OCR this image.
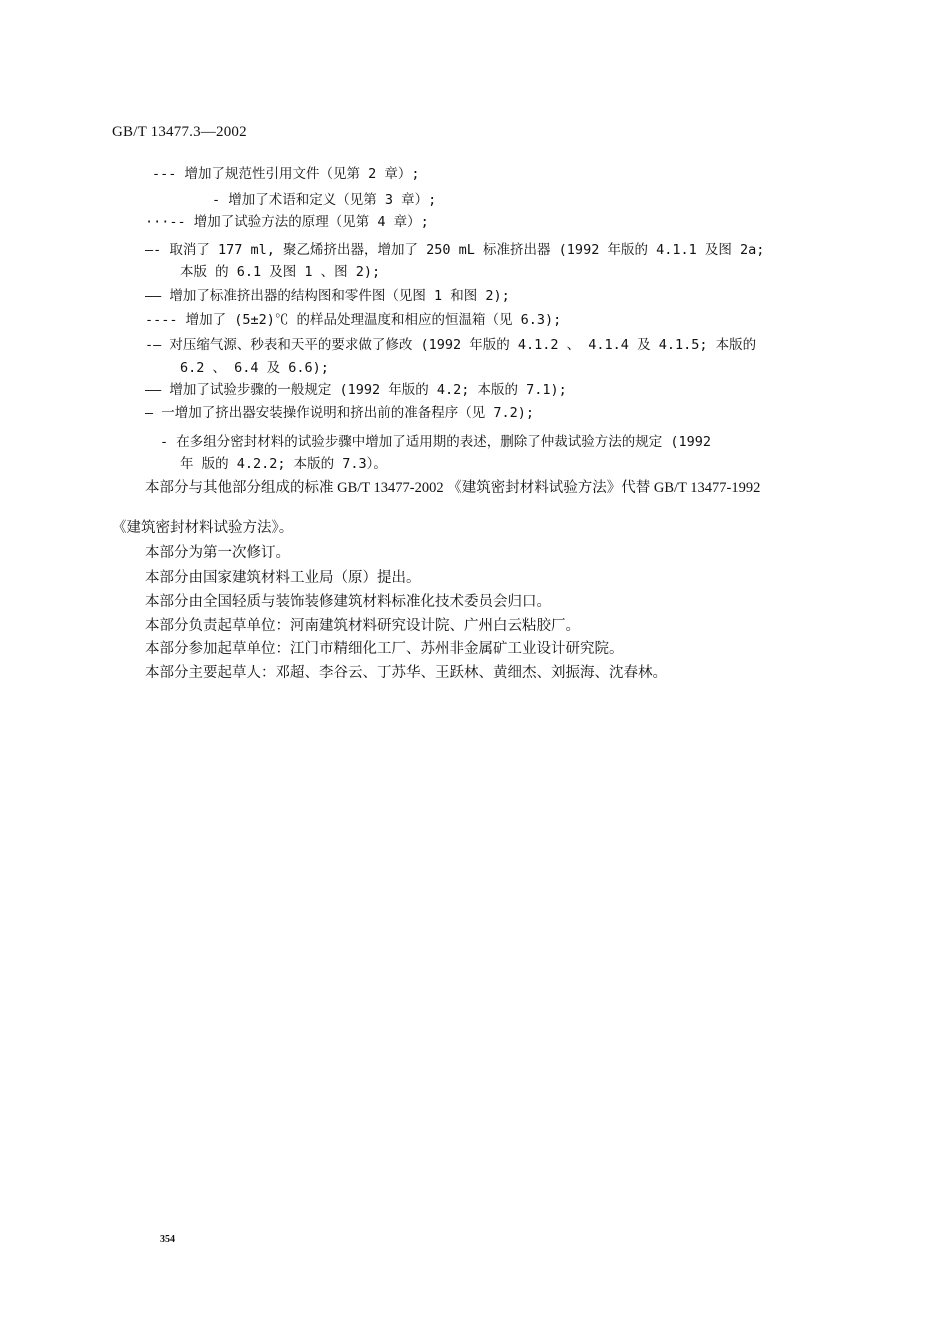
GB/T 13477.3—2002
--- 增加了规范性引用文件（见第 2 章）;
- 增加了术语和定义（见第 3 章）;
···-- 增加了试验方法的原理（见第 4 章）;
—- 取消了 177 ml, 聚乙烯挤出器，增加了 250 mL 标准挤出器 (1992 年版的 4.1.1 及图 2a;
本版 的 6.1 及图 1 、图 2);
—— 增加了标准挤出器的结构图和零件图（见图 1 和图 2);
---- 增加了 (5±2)℃ 的样品处理温度和相应的恒温箱（见 6.3);
-— 对压缩气源、秒表和天平的要求做了修改 (1992 年版的 4.1.2 、 4.1.4 及 4.1.5; 本版的
6.2 、 6.4 及 6.6);
—— 增加了试验步骤的一般规定 (1992 年版的 4.2; 本版的 7.1);
— 一增加了挤出器安装操作说明和挤出前的准备程序（见 7.2);
- 在多组分密封材料的试验步骤中增加了适用期的表述，删除了仲裁试验方法的规定 (1992
年 版的 4.2.2; 本版的 7.3）。
本部分与其他部分组成的标准 GB/T 13477-2002 《建筑密封材料试验方法》代替 GB/T 13477-1992
《建筑密封材料试验方法》。
本部分为第一次修订。
本部分由国家建筑材料工业局（原）提出。
本部分由全国轻质与装饰装修建筑材料标准化技术委员会归口。
本部分负责起草单位：河南建筑材料研究设计院、广州白云粘胶厂。
本部分参加起草单位：江门市精细化工厂、苏州非金属矿工业设计研究院。
本部分主要起草人：邓超、李谷云、丁苏华、王跃林、黄细杰、刘振海、沈春林。
354
